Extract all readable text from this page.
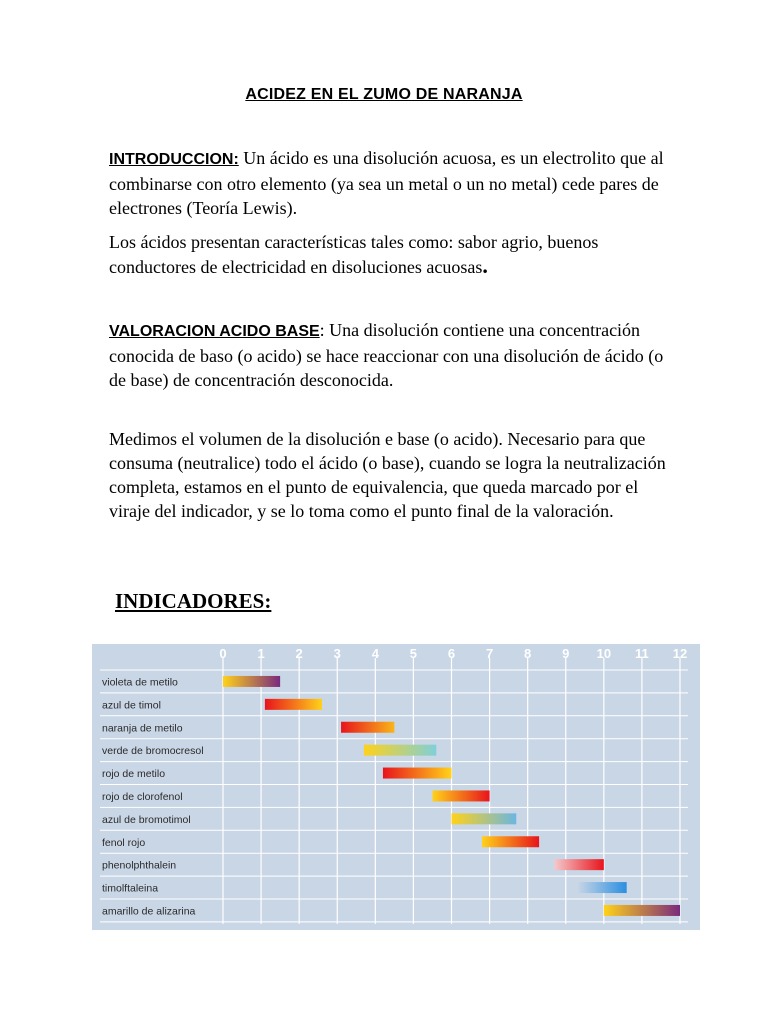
ACIDEZ EN EL ZUMO DE NARANJA

INTRODUCCION: Un ácido es una disolución acuosa, es un electrolito que al combinarse con otro elemento (ya sea un metal o un no metal) cede pares de electrones (Teoría Lewis).

Los ácidos presentan características tales como: sabor agrio, buenos conductores de electricidad en disoluciones acuosas.

VALORACION ACIDO BASE: Una disolución contiene una concentración conocida de baso (o acido) se hace reaccionar con una disolución de ácido (o de base) de concentración desconocida.

Medimos el volumen de la disolución e base (o acido). Necesario para que consuma (neutralice) todo el ácido (o base), cuando se logra la neutralización completa, estamos en el punto de equivalencia, que queda marcado por el viraje del indicador, y se lo toma como el punto final de la valoración.

INDICADORES:

0 1 2 3 4 5 6 7 8 9 10 11 12
violeta de metilo
azul de timol
naranja de metilo
verde de bromocresol
rojo de metilo
rojo de clorofenol
azul de bromotimol
fenol rojo
phenolphthalein
timolftaleina
amarillo de alizarina
